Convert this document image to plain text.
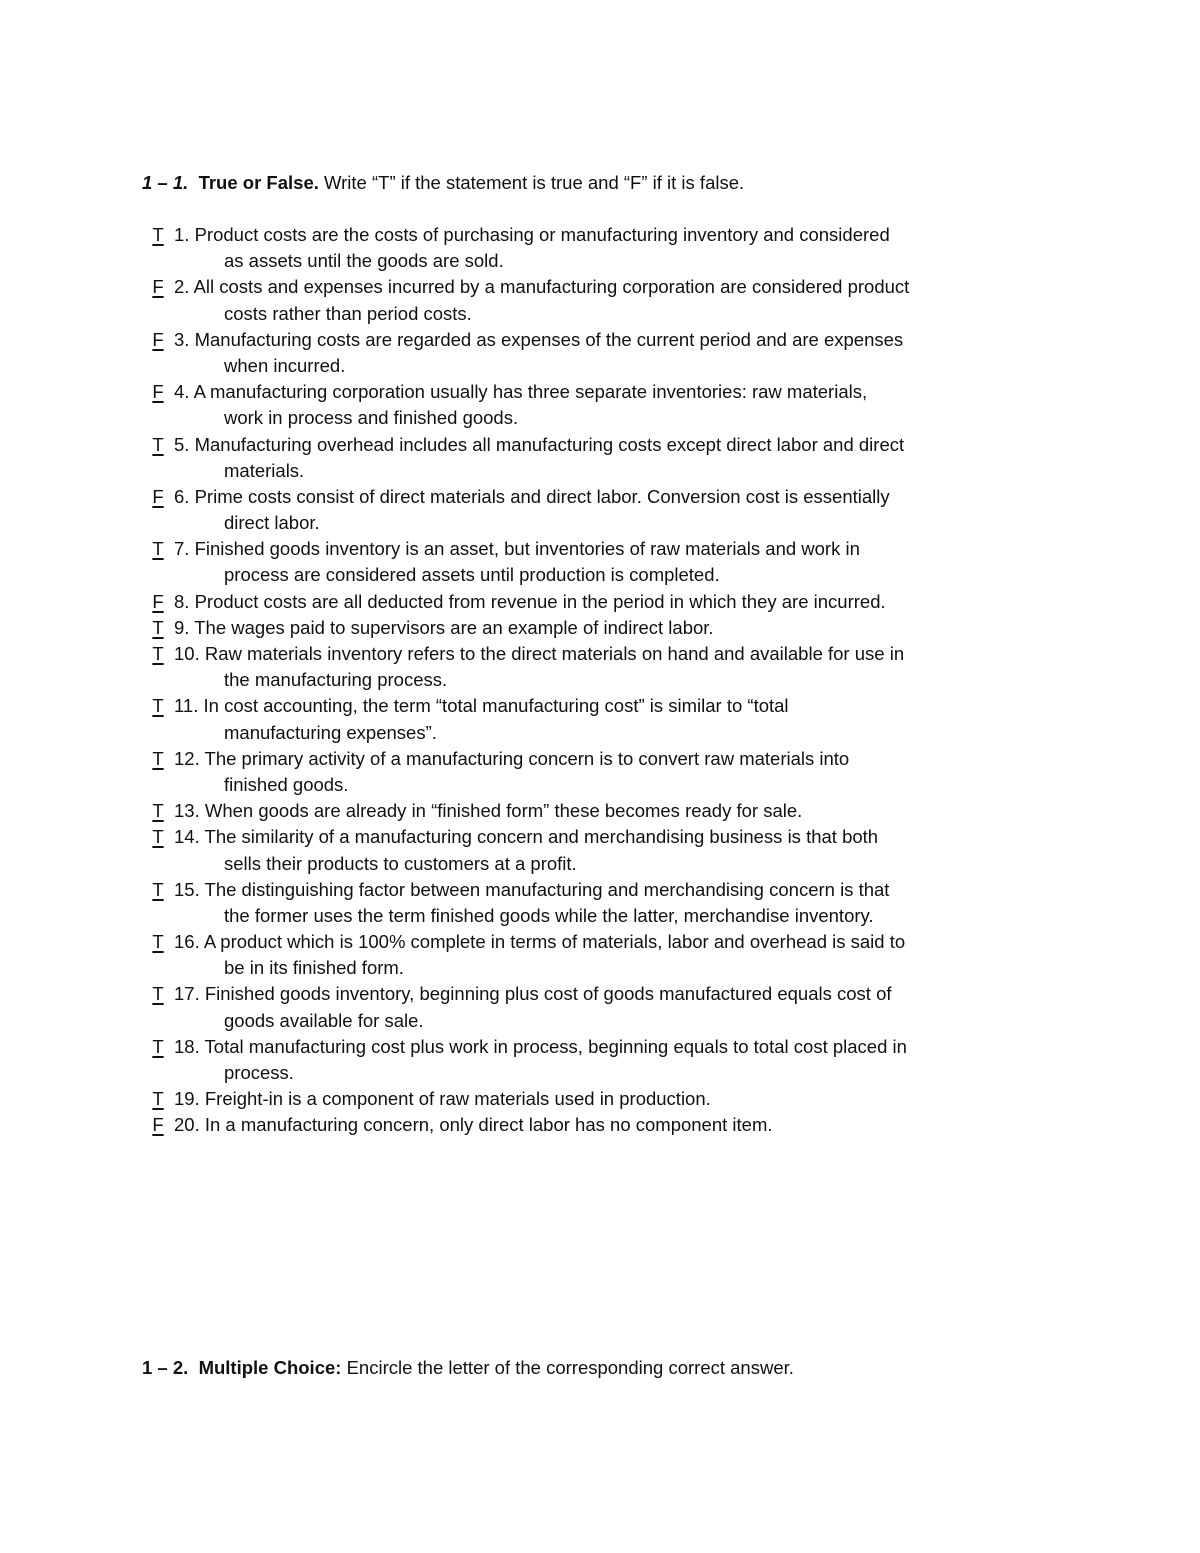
1 – 1. True or False. Write “T” if the statement is true and “F” if it is false.
T 1. Product costs are the costs of purchasing or manufacturing inventory and considered
as assets until the goods are sold.
F 2. All costs and expenses incurred by a manufacturing corporation are considered product
costs rather than period costs.
F 3. Manufacturing costs are regarded as expenses of the current period and are expenses
when incurred.
F 4. A manufacturing corporation usually has three separate inventories: raw materials,
work in process and finished goods.
T 5. Manufacturing overhead includes all manufacturing costs except direct labor and direct
materials.
F 6. Prime costs consist of direct materials and direct labor. Conversion cost is essentially
direct labor.
T 7. Finished goods inventory is an asset, but inventories of raw materials and work in
process are considered assets until production is completed.
F 8. Product costs are all deducted from revenue in the period in which they are incurred.
T 9. The wages paid to supervisors are an example of indirect labor.
T 10. Raw materials inventory refers to the direct materials on hand and available for use in
the manufacturing process.
T 11. In cost accounting, the term “total manufacturing cost” is similar to “total
manufacturing expenses”.
T 12. The primary activity of a manufacturing concern is to convert raw materials into
finished goods.
T 13. When goods are already in “finished form” these becomes ready for sale.
T 14. The similarity of a manufacturing concern and merchandising business is that both
sells their products to customers at a profit.
T 15. The distinguishing factor between manufacturing and merchandising concern is that
the former uses the term finished goods while the latter, merchandise inventory.
T 16. A product which is 100% complete in terms of materials, labor and overhead is said to
be in its finished form.
T 17. Finished goods inventory, beginning plus cost of goods manufactured equals cost of
goods available for sale.
T 18. Total manufacturing cost plus work in process, beginning equals to total cost placed in
process.
T 19. Freight-in is a component of raw materials used in production.
F 20. In a manufacturing concern, only direct labor has no component item.
1 – 2. Multiple Choice: Encircle the letter of the corresponding correct answer.
